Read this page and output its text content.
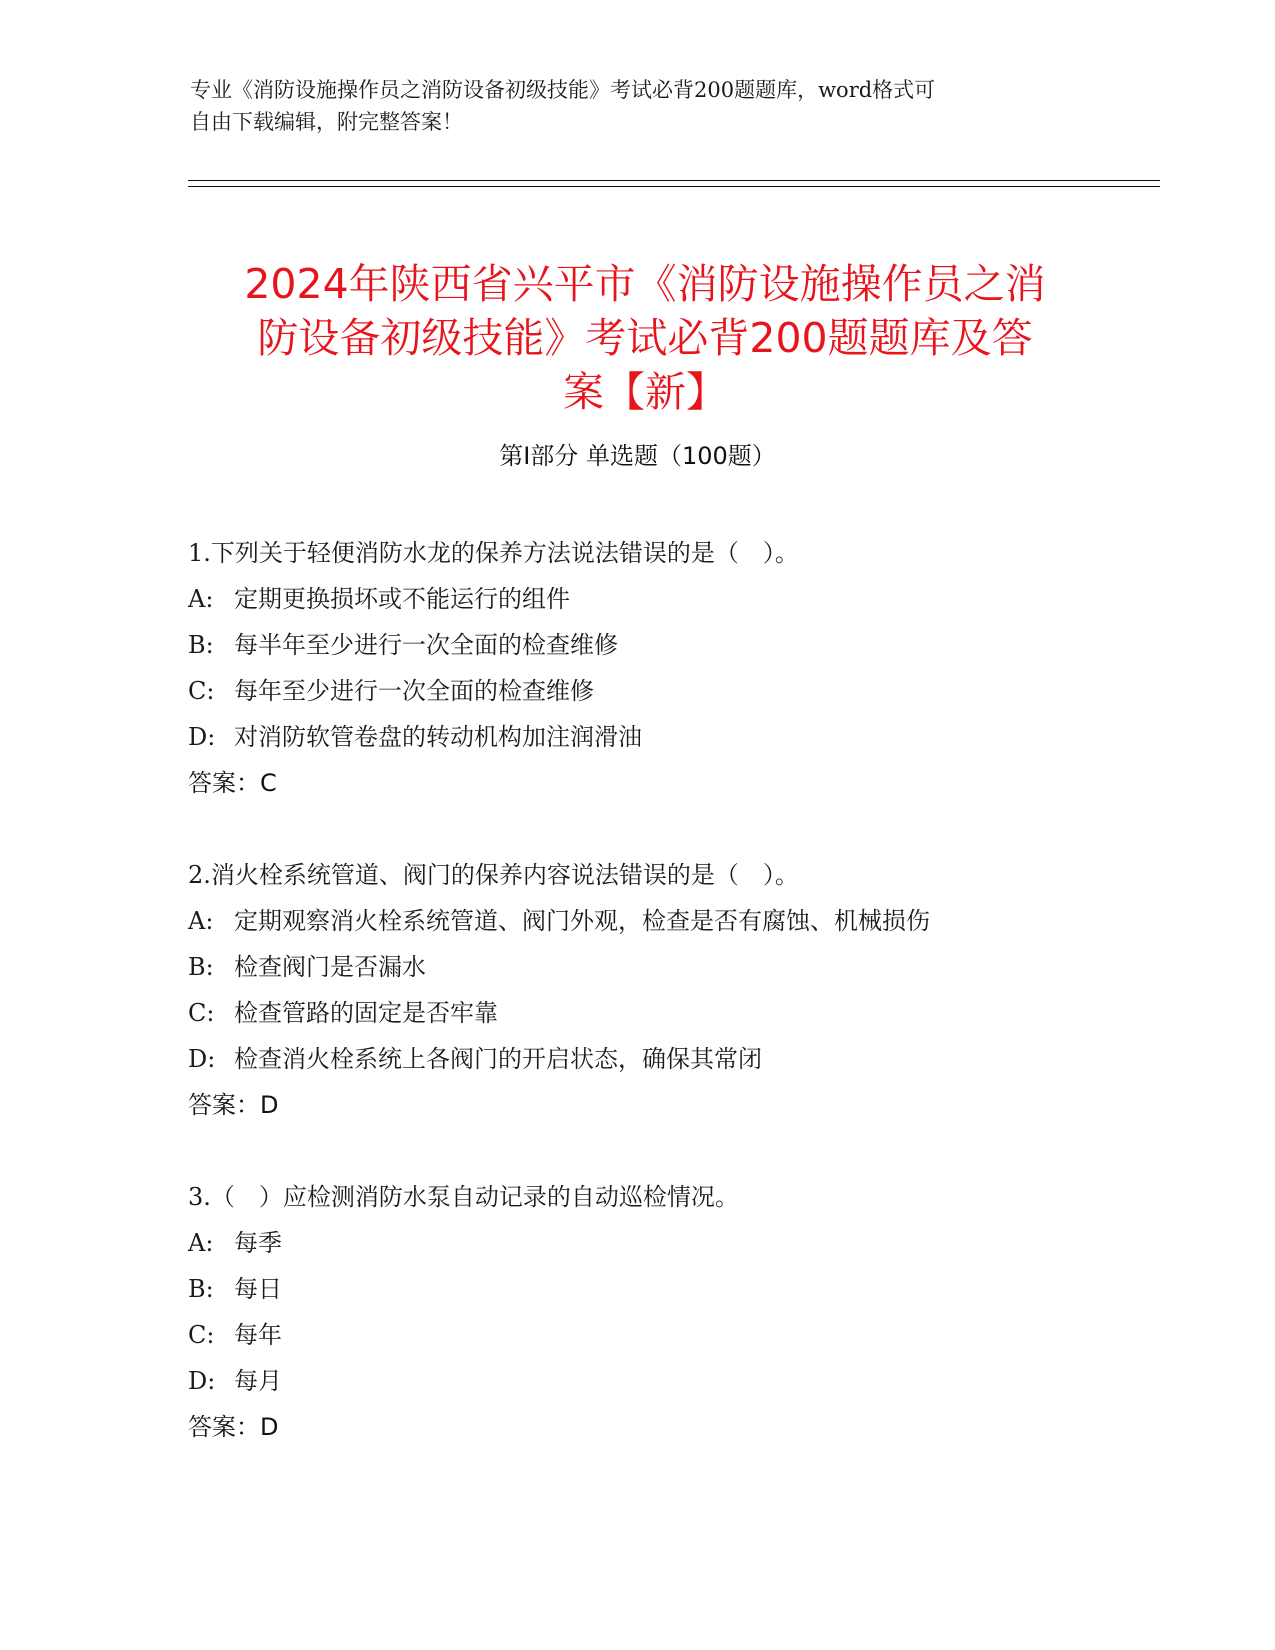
专业《消防设施操作员之消防设备初级技能》考试必背200题题库，word格式可
自由下载编辑，附完整答案！
2024年陕西省兴平市《消防设施操作员之消
防设备初级技能》考试必背200题题库及答
案【新】
第I部分 单选题（100题）
1.下列关于轻便消防水龙的保养方法说法错误的是（　）。
A: 定期更换损坏或不能运行的组件
B: 每半年至少进行一次全面的检查维修
C: 每年至少进行一次全面的检查维修
D: 对消防软管卷盘的转动机构加注润滑油
答案：C
2.消火栓系统管道、阀门的保养内容说法错误的是（　）。
A: 定期观察消火栓系统管道、阀门外观，检查是否有腐蚀、机械损伤
B: 检查阀门是否漏水
C: 检查管路的固定是否牢靠
D: 检查消火栓系统上各阀门的开启状态，确保其常闭
答案：D
3.（　）应检测消防水泵自动记录的自动巡检情况。
A: 每季
B: 每日
C: 每年
D: 每月
答案：D
